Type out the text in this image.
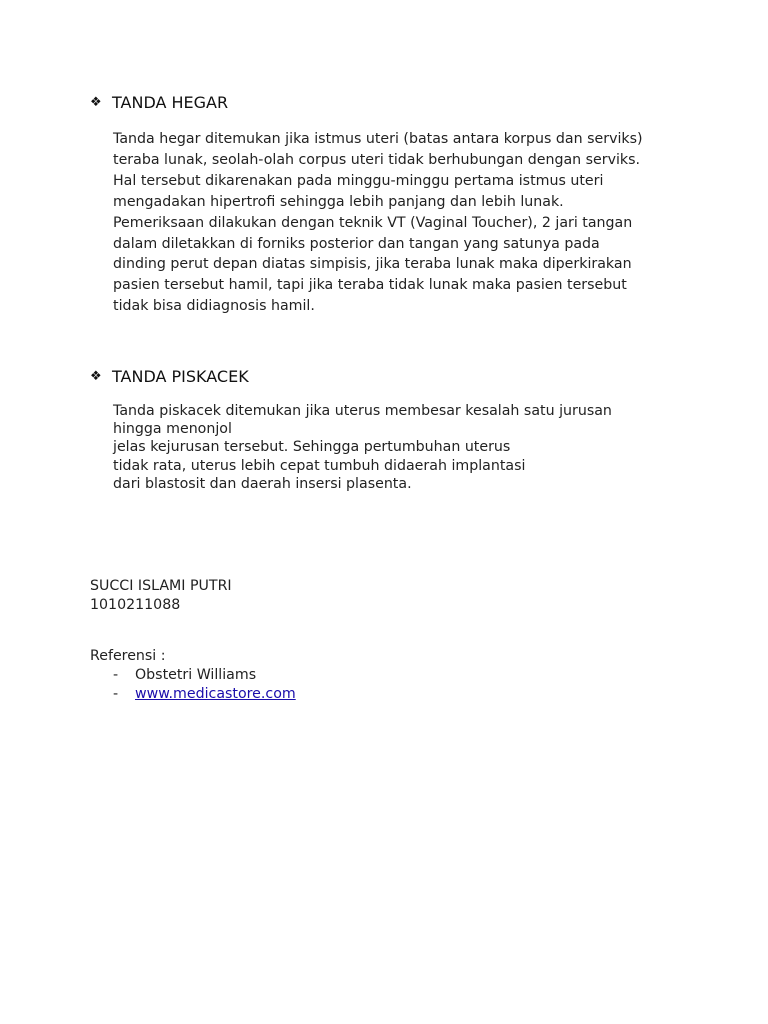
❖ TANDA HEGAR

Tanda hegar ditemukan jika istmus uteri (batas antara korpus dan serviks)
teraba lunak, seolah-olah corpus uteri tidak berhubungan dengan serviks.
Hal tersebut dikarenakan pada minggu-minggu pertama istmus uteri
mengadakan hipertrofi sehingga lebih panjang dan lebih lunak.
Pemeriksaan dilakukan dengan teknik VT (Vaginal Toucher), 2 jari tangan
dalam diletakkan di forniks posterior dan tangan yang satunya pada
dinding perut depan diatas simpisis, jika teraba lunak maka diperkirakan
pasien tersebut hamil, tapi jika teraba tidak lunak maka pasien tersebut
tidak bisa didiagnosis hamil.

❖ TANDA PISKACEK

Tanda piskacek ditemukan jika uterus membesar kesalah satu jurusan
hingga menonjol
jelas kejurusan tersebut. Sehingga pertumbuhan uterus
tidak rata, uterus lebih cepat tumbuh didaerah implantasi
dari blastosit dan daerah insersi plasenta.

SUCCI ISLAMI PUTRI
1010211088
Referensi :
-	Obstetri Williams
-	www.medicastore.com
